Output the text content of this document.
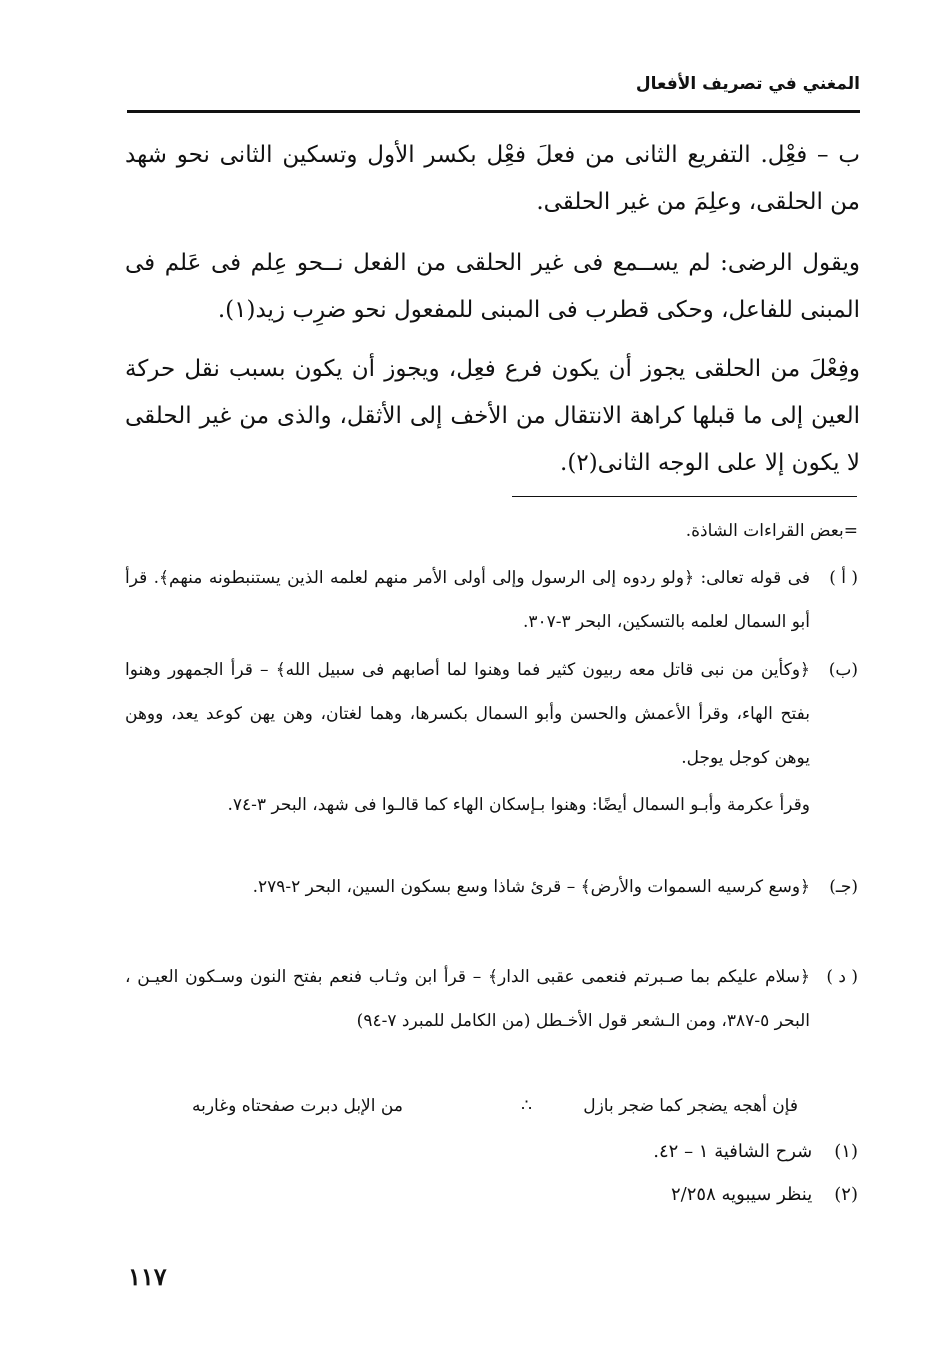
المغني في تصريف الأفعال

ب – فعِْل. التفريع الثانى من فعلَ فعِْل بكسر الأول وتسكين الثانى نحو شهد من الحلقى، وعلِمَ من غير الحلقى.

ويقول الرضى: لم يســمع فى غير الحلقى من الفعل نــحو عِلم فى عَلم فى المبنى للفاعل، وحكى قطرب فى المبنى للمفعول نحو ضرِب زيد(١).

وفِعْلَ من الحلقى يجوز أن يكون فرع فعِل، ويجوز أن يكون بسبب نقل حركة العين إلى ما قبلها كراهة الانتقال من الأخف إلى الأثقل، والذى من غير الحلقى لا يكون إلا على الوجه الثانى(٢).

=بعض القراءات الشاذة.

( أ )

فى قوله تعالى: ﴿ولو ردوه إلى الرسول وإلى أولى الأمر منهم لعلمه الذين يستنبطونه منهم﴾. قرأ أبو السمال لعلمه بالتسكين، البحر ٣-٣٠٧.

(ب)

﴿وكأين من نبى قاتل معه ربيون كثير فما وهنوا لما أصابهم فى سبيل الله﴾ – قرأ الجمهور وهنوا بفتح الهاء، وقرأ الأعمش والحسن وأبو السمال بكسرها، وهما لغتان، وهن يهن كوعد يعد، ووهن يوهن كوجل يوجل.

وقرأ عكرمة وأبـو السمال أيضًا: وهنوا بـإسكان الهاء كما قالـوا فى شهد، البحر ٣-٧٤.

(جـ)

﴿وسع كرسيه السموات والأرض﴾ – قرئ شاذا وسع بسكون السين، البحر ٢-٢٧٩.

( د )

﴿سلام عليكم بما صـبرتم فنعمى عقبى الدار﴾ – قرأ ابن وثـاب فنعم بفتح النون وسـكون العيـن ، البحر ٥-٣٨٧، ومن الـشعر قول الأخـطل (من الكامل للمبرد ٧-٩٤)

فإن أهجه يضجر كما ضجر بازل
∴
من الإبل دبرت صفحتاه وغاربه
(١) شرح الشافية ١ – ٤٢.
(٢) ينظر سيبويه ٢/٢٥٨
١١٧
